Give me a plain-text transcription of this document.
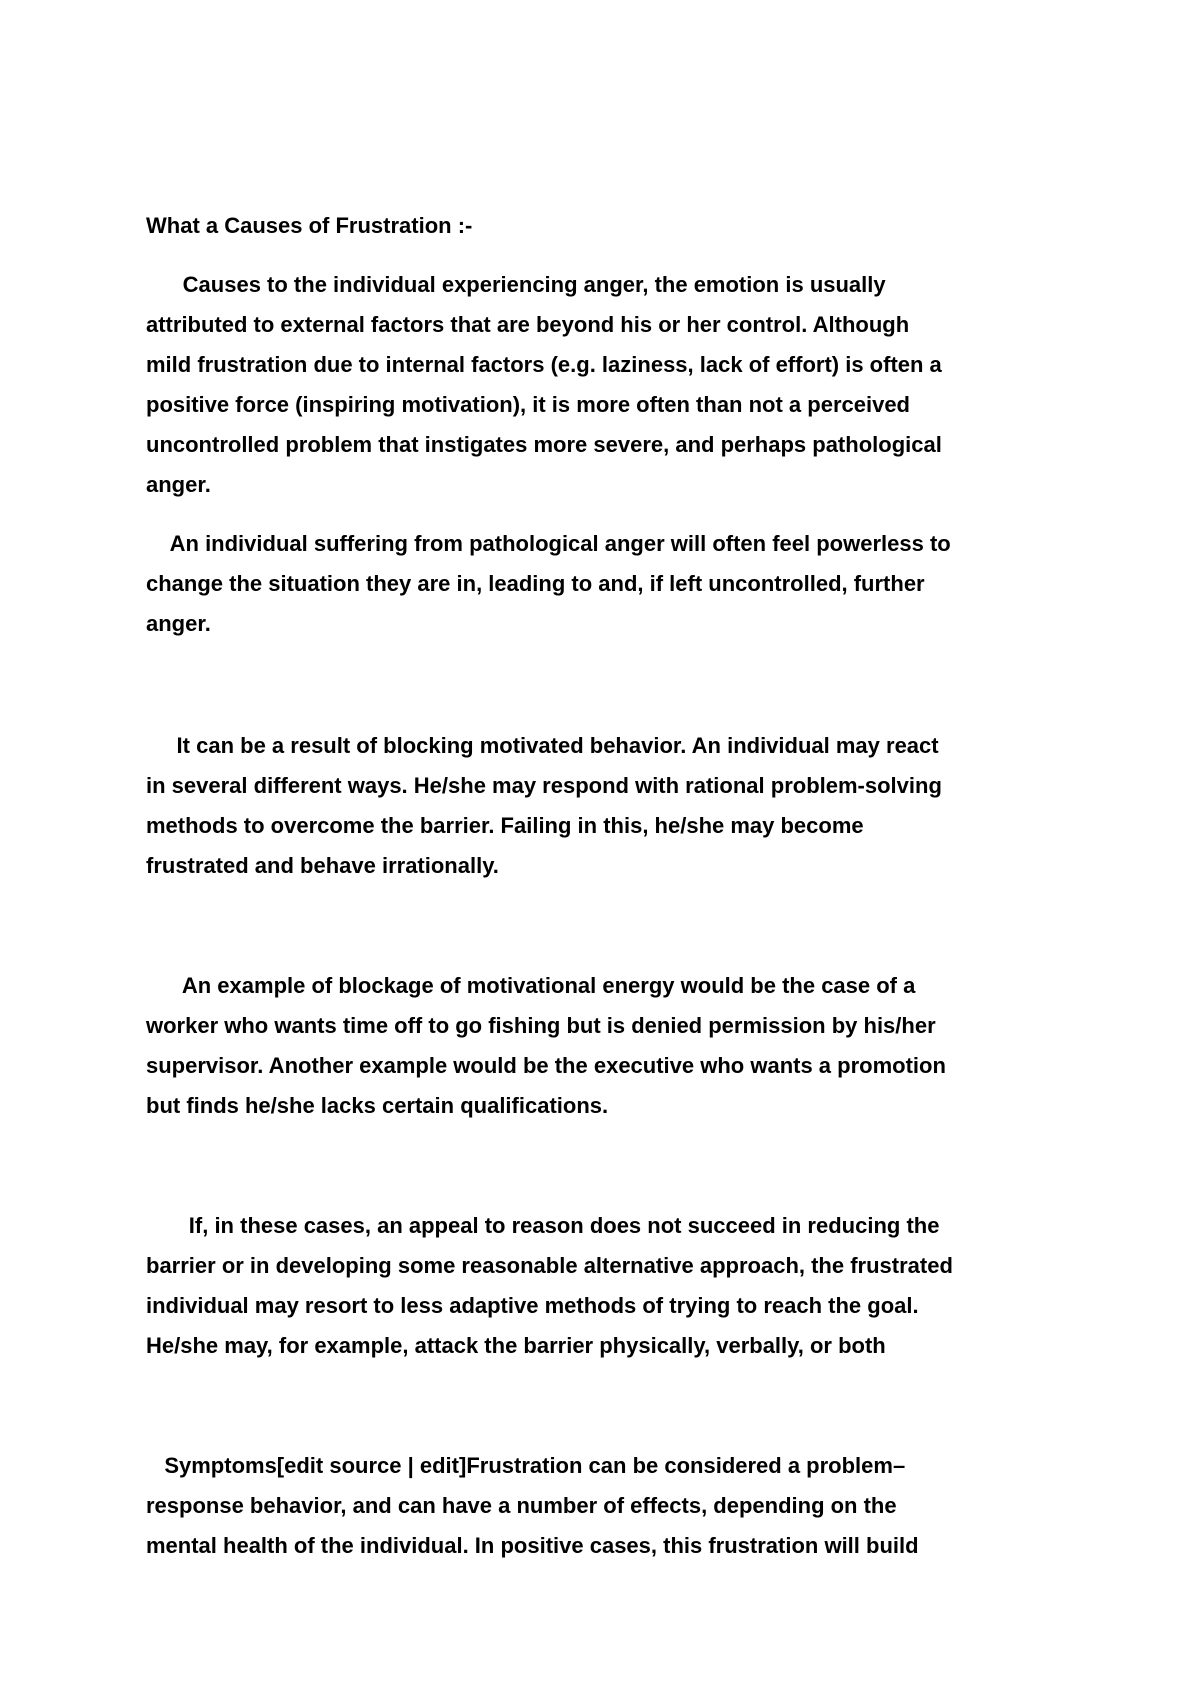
What a Causes of Frustration :-
Causes to the individual experiencing anger, the emotion is usually
attributed to external factors that are beyond his or her control. Although
mild frustration due to internal factors (e.g. laziness, lack of effort) is often a
positive force (inspiring motivation), it is more often than not a perceived
uncontrolled problem that instigates more severe, and perhaps pathological
anger.
An individual suffering from pathological anger will often feel powerless to
change the situation they are in, leading to and, if left uncontrolled, further
anger.
It can be a result of blocking motivated behavior. An individual may react
in several different ways. He/she may respond with rational problem-solving
methods to overcome the barrier. Failing in this, he/she may become
frustrated and behave irrationally.
An example of blockage of motivational energy would be the case of a
worker who wants time off to go fishing but is denied permission by his/her
supervisor. Another example would be the executive who wants a promotion
but finds he/she lacks certain qualifications.
If, in these cases, an appeal to reason does not succeed in reducing the
barrier or in developing some reasonable alternative approach, the frustrated
individual may resort to less adaptive methods of trying to reach the goal.
He/she may, for example, attack the barrier physically, verbally, or both
Symptoms[edit source | edit]Frustration can be considered a problem–
response behavior, and can have a number of effects, depending on the
mental health of the individual. In positive cases, this frustration will build
